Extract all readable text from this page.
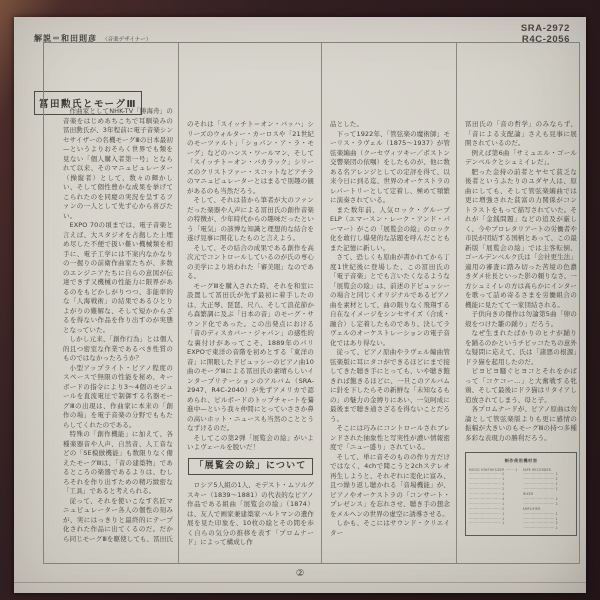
解説＝和田則彦 （音楽デザイナー）
SRA-2972
R4C-2056
冨田勲氏とモーグⅢ
作曲家としてNHK-TV「勝海舟」の音楽をはじめあちこちで耳馴染みの冨田勲氏が、3年程前に電子音楽シンセサイザーの名機モーグⅢの日本最初—というよりおそらく世界でも類を見ない「個人購入者第一号」となられて以来、そのマニュピュレーター（操縦者）として、数々の輝かしい、そして個性豊かな成果を挙げてこられたのを同慶の実況を呈するファンの一人として先ず心から喜びたい。
EXPO 70の頃までは、電子音楽と言えば、大スタジオを占拠した上埋め尽した不便で扱い難い機械類を相手に、電子工学には不案内なかなりの一握りの前衛作曲家たちが、多数のエンジニアたちに自らの意図が伝達できず又機械の性能力に限界があるのをもどかしがりつつ、非能率的な「人海戦術」の結果であるひとりよがりの難解な、そして短かからざるを得ない作品を作り出すのが実態となっていた。
しかし元来、「創作行為」とは個人的且つ密室な作業であるべき性質のものではなかったろうか？
小型アップライト・ピアノ程度のスペースで無限の性能を秘め、キーボードの指令により3〜4個のモジュールを直流電圧で制御する名器モーグⅢの出現は、作曲家に本来の「創作の場」を電子音楽の分野でももたらしてくれたのである。
特殊の「創作機能」に加えて、各種楽器音や人声、自然音、人工音などの「SE模倣機能」も数限りなく備えたモーグⅢは、「音の建築物」であるところの楽器であるよりは、むしろそれを作り出すための精巧緻密な「工具」であると考えられる。
従って、それを使いこなす名匠マニュピュレーター各人の個性の刻みが、実にはっきりと最終的にテープ化された作品に出てくるのだ。だから同じモーグⅢを駆使しても、冨田氏
のそれは「スイッチト＝オン・バッハ」シリーズのウォルター・カーロスや「21世紀のモーツァルト」「ショパン・ア・ラ・モーグ」などのハンス・ワールマン、そして「スイッチト＝オン・バカラック」シリーズのクリストファー・スコットなどアチラのマニュピュレーターとはまるで別趣の観があるのも当然だろう。
そして、それは昔から筆者が大のファンだった楽器や人声による冨田氏の創作音楽の特徴が、少年時代からの趣味だったという「電気」の該博な知識と理想的な結合を遂げ見事に開花したものと言えよう。
そして、その結合の成果である創作を高次元でコントロールしているのが氏の専心の美学により培われた「審美眼」なのである。
モーグⅢを購入された時、それを和室に設置して冨田氏が先ず最初に着手したのは、大正琴、琵琶、尺八、そして浪花節から森繁調に及ぶ「日本の音」のモーグ・サウンド化であった。この出発点における「音のディスカバー・ジャパン」の感性的な裏付けがあってこそ、1889年のパリEXPOで東洋の音階を初めとする「東洋の音」に開眼したドビュッシーのピアノ曲10曲のモーグⅢによる冨田氏の素晴らしいインタープリテーションのアルバム（SRA-2947、R4C-2040）が先ずアメリカで認められ、ビルボードのトップチャートを驀進中—という我々仲間にとっていささか鼻の高いホット・ニュースも当然のこととうなずけるのだ。
そしてこの第2弾「展覧会の絵」がいよいよヴェールを脱いだ！
「展覧会の絵」について
ロシア5人組の1人、モデスト・ムソルグスキー（1839〜1881）の代表的なピアノ作品である組曲「展覧会の絵」（1874）は、友人で画家兼建築家ハルトマンの遺作展を見た印象を、10枚の絵とその間を歩く自らの気分の推移を表す「プロムナード」によって構成し作
品とした。
下って1922年、「管弦楽の魔術師」モーリス・ラヴェル（1875〜1937）が管弦楽編曲（クーセヴィツキー／ボストン交響楽団の依嘱）をしたものが、他に数ある名アレンジとしての定評を得て、以来今日に到る迄、世界のオーケストラのレパートリーとして定着し、極めて頻繁に演奏されている。
また数年前、人気ロック・グループELP（エマースン・レーク・アンド・パーマー）がこの「展覧会の絵」のロック化を敢行し爆発的な話題を呼んだこともまた記憶に新しい。
さて、恐しくも原曲が書かれてから丁度1世紀後に登場した、この冨田氏の「電子音楽」とでも言いたくなるような「展覧会の絵」は、前述のドビュッシーの場合と同じくオリジナルであるピアノ曲を素材として、曲の限りなく飛翔する自在なイメージをシンセサイズ（合成・融合）し定着したものであり、決してラヴェルのオーケストレーションの電子音化ではあり得ない。
従って、ピアノ原曲やラヴェル編曲管弦楽版に耳にタコができるほどにまで接してきた聴き手にとっても、いや聴き飽きれば飽きるほどに、一旦このアルバムに針を下したらその新鮮な「未知なるもの」の魅力の金縛りにあい、一気呵成に最後まで聴き通さざるを得ないことだろう。
そこには巧みにコントロールされブレンドされた抽象性と写実性が濃い情報密度で「ニュー盛り」されている。
そして、単に音そのものの作り方だけではなく、4chで聞こうと2chステレオ再生しようと、それぞれに変化に富み、且つ繰り返し聴かれる「音場機能」が、ピアノやオーケストラの「コンサート・プレゼンス」を忘れさせ、聴き手の想念をメルヘンの世界の虚空に誘導させる。
しかも、そこにはサウンド・クリエイター
冨田氏の「音の哲学」のみならず、「音による支配論」さえも見事に展開されているのだ。
例えば第6曲「サミュエル・ゴールデンベルクとシュミイレだ」。
肥った金持の前者とヤセて貧乏な後者というふたりのユダヤ人は、原曲にしても、そして管弦楽編曲では更に増強された貧富の力関係がコントラストをもって描写されていた。それが「金銭問題」などの追及が厳しく、今やプロレタリアートの労働者や市民が団結する国柄とあって、この最新版「展覧会の絵」では主客転倒、ゴールデンベルク氏は「会社更生法」適用の審査に踏み切った苦境の色濃きダメ社長といった影の頼りなさ、一方シュミイレの方は高らかにインターを歌って詰め寄るさまを労働組合の機能に見たてて一家団結される。
子供向きの傑作は勿論第5曲「卵の殻をつけた雛の踊り」だろう。
なぜ生まれたばかりのヒナが踊りを踊るのかというチビッコたちの意外な疑問に応えて、氏は「諸悪の根源」ドラ猫を起用したのだ。
ピヨピヨ騒ぐヒヨコとそれをかばって「コケコー…」と大奮戦する牝鶏、そして最後にドラ猫はリタイアし追放されてしまう、母と子。
各プロムナードが、ピアノ原曲は勿論として管弦楽版よりも更に感情の振幅が大きいのもモーグⅢの持つ多種多彩な表現力の勝利だろう。
制作使用機材表
MOOG SYNTHESIZER ······· 1
··························· 2
··························· 1
··························· 1
··························· 2
··························· 1
··························· 4
··························· 1
··························· 2
··························· 1
··························· 1
··························· 1
TAPE RECORDER
··························· 1
··························· 2
··························· 1
··························· 1
MIXER
··························· 1
··························· 2
AMPLIFIER
··························· 1
··························· 1
··························· 2
··························· 1
②
